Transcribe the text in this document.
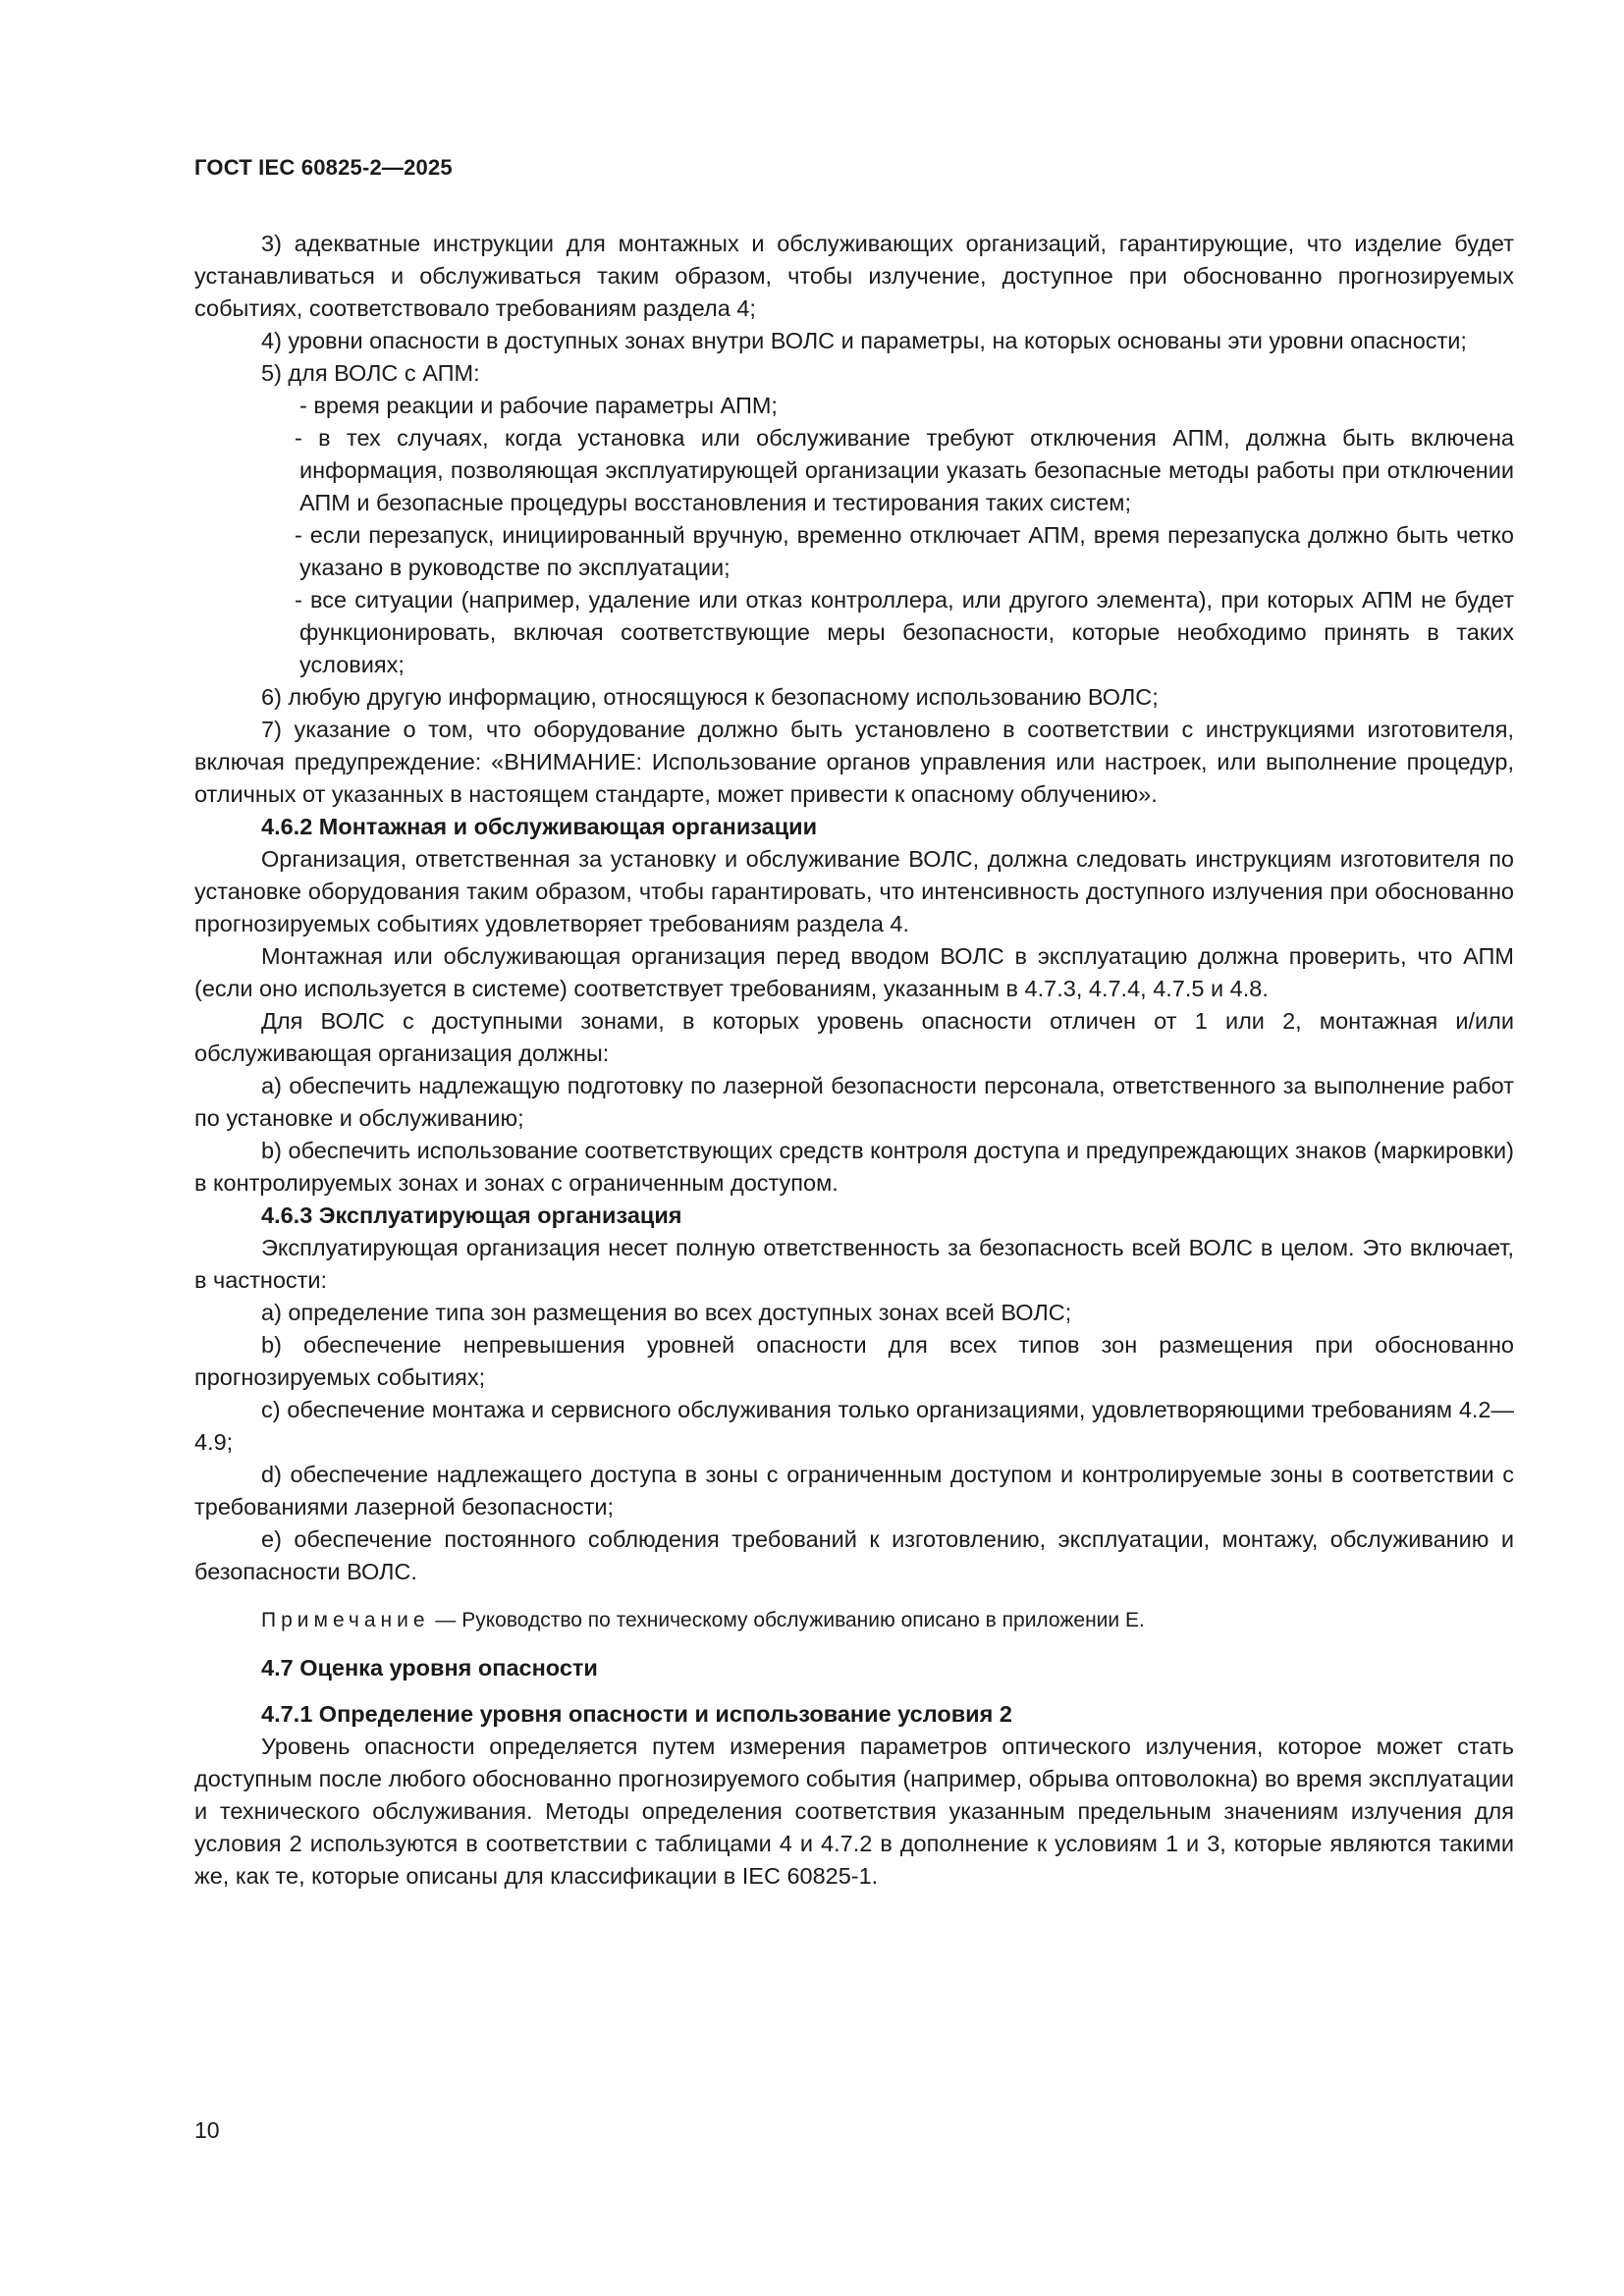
ГОСТ IEC 60825-2—2025

3) адекватные инструкции для монтажных и обслуживающих организаций, гарантирующие, что изделие будет устанавливаться и обслуживаться таким образом, чтобы излучение, доступное при обоснованно прогнозируемых событиях, соответствовало требованиям раздела 4;

4) уровни опасности в доступных зонах внутри ВОЛС и параметры, на которых основаны эти уровни опасности;

5) для ВОЛС с АПМ:

- время реакции и рабочие параметры АПМ;

- в тех случаях, когда установка или обслуживание требуют отключения АПМ, должна быть включена информация, позволяющая эксплуатирующей организации указать безопасные методы работы при отключении АПМ и безопасные процедуры восстановления и тестирования таких систем;

- если перезапуск, инициированный вручную, временно отключает АПМ, время перезапуска должно быть четко указано в руководстве по эксплуатации;

- все ситуации (например, удаление или отказ контроллера, или другого элемента), при которых АПМ не будет функционировать, включая соответствующие меры безопасности, которые необходимо принять в таких условиях;

6) любую другую информацию, относящуюся к безопасному использованию ВОЛС;

7) указание о том, что оборудование должно быть установлено в соответствии с инструкциями изготовителя, включая предупреждение: «ВНИМАНИЕ: Использование органов управления или настроек, или выполнение процедур, отличных от указанных в настоящем стандарте, может привести к опасному облучению».

4.6.2 Монтажная и обслуживающая организации

Организация, ответственная за установку и обслуживание ВОЛС, должна следовать инструкциям изготовителя по установке оборудования таким образом, чтобы гарантировать, что интенсивность доступного излучения при обоснованно прогнозируемых событиях удовлетворяет требованиям раздела 4.

Монтажная или обслуживающая организация перед вводом ВОЛС в эксплуатацию должна проверить, что АПМ (если оно используется в системе) соответствует требованиям, указанным в 4.7.3, 4.7.4, 4.7.5 и 4.8.

Для ВОЛС с доступными зонами, в которых уровень опасности отличен от 1 или 2, монтажная и/или обслуживающая организация должны:

a) обеспечить надлежащую подготовку по лазерной безопасности персонала, ответственного за выполнение работ по установке и обслуживанию;

b) обеспечить использование соответствующих средств контроля доступа и предупреждающих знаков (маркировки) в контролируемых зонах и зонах с ограниченным доступом.

4.6.3 Эксплуатирующая организация

Эксплуатирующая организация несет полную ответственность за безопасность всей ВОЛС в целом. Это включает, в частности:

a) определение типа зон размещения во всех доступных зонах всей ВОЛС;

b) обеспечение непревышения уровней опасности для всех типов зон размещения при обоснованно прогнозируемых событиях;

c) обеспечение монтажа и сервисного обслуживания только организациями, удовлетворяющими требованиям 4.2—4.9;

d) обеспечение надлежащего доступа в зоны с ограниченным доступом и контролируемые зоны в соответствии с требованиями лазерной безопасности;

e) обеспечение постоянного соблюдения требований к изготовлению, эксплуатации, монтажу, обслуживанию и безопасности ВОЛС.

Примечание — Руководство по техническому обслуживанию описано в приложении E.

4.7 Оценка уровня опасности

4.7.1 Определение уровня опасности и использование условия 2

Уровень опасности определяется путем измерения параметров оптического излучения, которое может стать доступным после любого обоснованно прогнозируемого события (например, обрыва оптоволокна) во время эксплуатации и технического обслуживания. Методы определения соответствия указанным предельным значениям излучения для условия 2 используются в соответствии с таблицами 4 и 4.7.2 в дополнение к условиям 1 и 3, которые являются такими же, как те, которые описаны для классификации в IEC 60825-1.

10
